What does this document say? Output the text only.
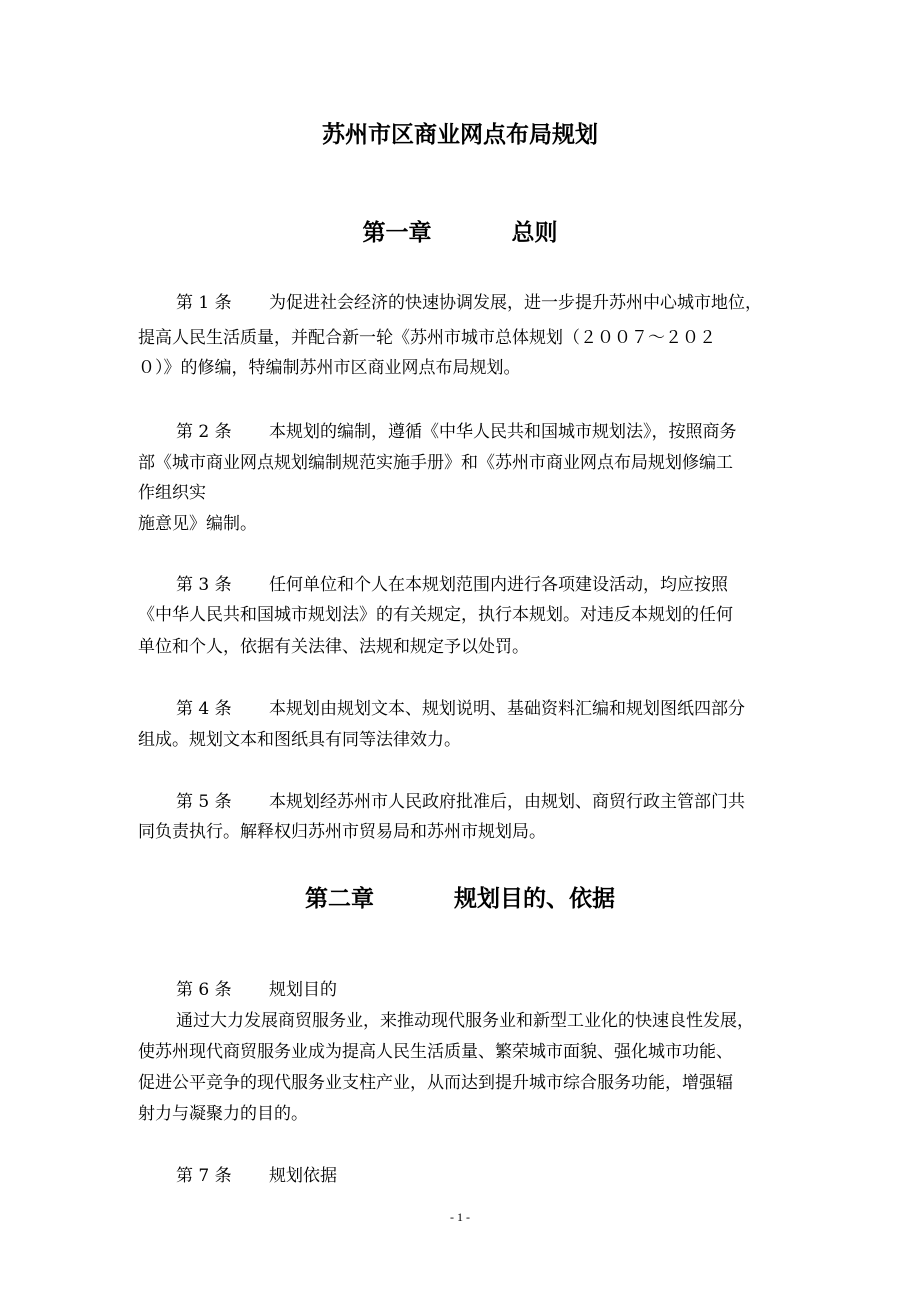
苏州市区商业网点布局规划
第一章	总则
第 1 条 为促进社会经济的快速协调发展，进一步提升苏州中心城市地位，
提高人民生活质量，并配合新一轮《苏州市城市总体规划（２００７～２０２
０）》的修编，特编制苏州市区商业网点布局规划。
第 2 条 本规划的编制，遵循《中华人民共和国城市规划法》，按照商务
部《城市商业网点规划编制规范实施手册》和《苏州市商业网点布局规划修编工
作组织实
施意见》编制。
第 3 条 任何单位和个人在本规划范围内进行各项建设活动，均应按照
《中华人民共和国城市规划法》的有关规定，执行本规划。对违反本规划的任何
单位和个人，依据有关法律、法规和规定予以处罚。
第 4 条 本规划由规划文本、规划说明、基础资料汇编和规划图纸四部分
组成。规划文本和图纸具有同等法律效力。
第 5 条 本规划经苏州市人民政府批准后，由规划、商贸行政主管部门共
同负责执行。解释权归苏州市贸易局和苏州市规划局。
第二章	规划目的、依据
第 6 条 规划目的
通过大力发展商贸服务业，来推动现代服务业和新型工业化的快速良性发展，
使苏州现代商贸服务业成为提高人民生活质量、繁荣城市面貌、强化城市功能、
促进公平竞争的现代服务业支柱产业，从而达到提升城市综合服务功能，增强辐
射力与凝聚力的目的。
第 7 条 规划依据
- 1 -
